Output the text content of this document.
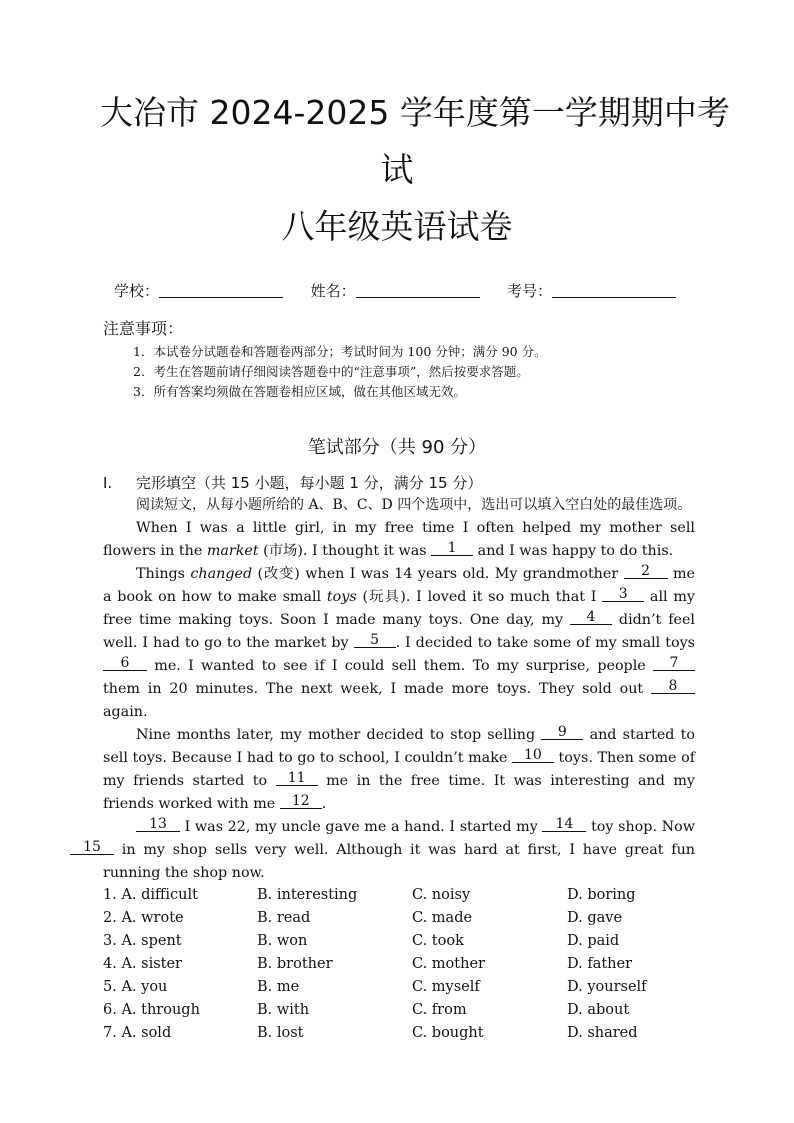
大冶市 2024-2025 学年度第一学期期中考
试
八年级英语试卷
学校：	姓名：	考号：
注意事项：
1．本试卷分试题卷和答题卷两部分；考试时间为 100 分钟；满分 90 分。
2．考生在答题前请仔细阅读答题卷中的“注意事项”，然后按要求答题。
3．所有答案均须做在答题卷相应区域，做在其他区域无效。
笔试部分（共 90 分）
I. 完形填空（共 15 小题，每小题 1 分，满分 15 分）

阅读短文，从每小题所给的 A、B、C、D 四个选项中，选出可以填入空白处的最佳选项。

When I was a little girl, in my free time I often helped my mother sell flowers in the market (市场). I thought it was 1 and I was happy to do this.

Things changed (改变) when I was 14 years old. My grandmother 2 me a book on how to make small toys (玩具). I loved it so much that I 3 all my free time making toys. Soon I made many toys. One day, my 4 didn’t feel well. I had to go to the market by 5 . I decided to take some of my small toys 6 me. I wanted to see if I could sell them. To my surprise, people 7 them in 20 minutes. The next week, I made more toys. They sold out 8 again.

Nine months later, my mother decided to stop selling 9 and started to sell toys. Because I had to go to school, I couldn’t make 10 toys. Then some of my friends started to 11 me in the free time. It was interesting and my friends worked with me 12 .

13 I was 22, my uncle gave me a hand. I started my 14 toy shop. Now 15 in my shop sells very well. Although it was hard at first, I have great fun running the shop now.

1. A. difficult	B. interesting	C. noisy	D. boring
2. A. wrote	B. read	C. made	D. gave
3. A. spent	B. won	C. took	D. paid
4. A. sister	B. brother	C. mother	D. father
5. A. you	B. me	C. myself	D. yourself
6. A. through	B. with	C. from	D. about
7. A. sold	B. lost	C. bought	D. shared
